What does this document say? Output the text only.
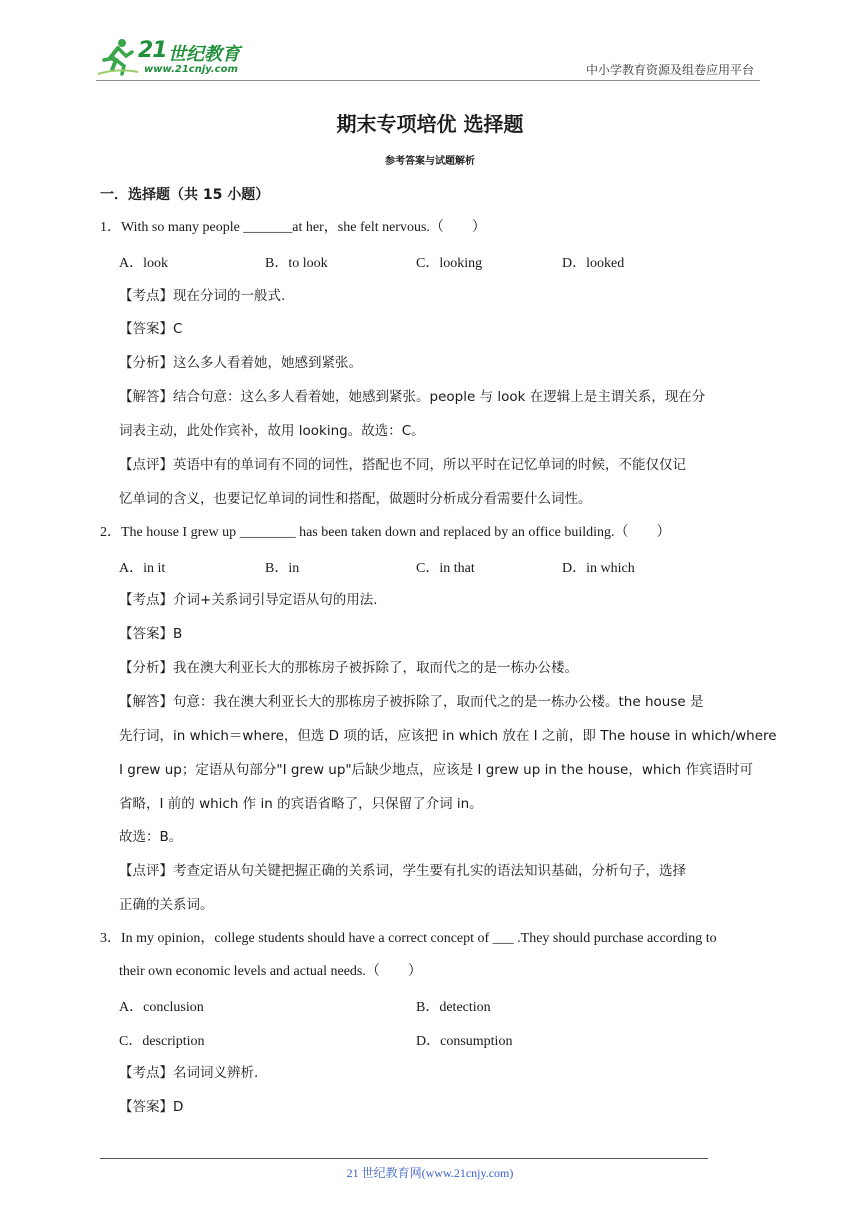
21 世纪教育
www.21cnjy.com	中小学教育资源及组卷应用平台
期末专项培优 选择题
参考答案与试题解析
一．选择题（共 15 小题）
1．With so many people _______at her，she felt nervous.（　　）
A．look	B．to look	C．looking	D．looked
【考点】现在分词的一般式.
【答案】C
【分析】这么多人看着她，她感到紧张。
【解答】结合句意：这么多人看着她，她感到紧张。people 与 look 在逻辑上是主谓关系，现在分
词表主动，此处作宾补，故用 looking。故选：C。
【点评】英语中有的单词有不同的词性，搭配也不同，所以平时在记忆单词的时候，不能仅仅记
忆单词的含义，也要记忆单词的词性和搭配，做题时分析成分看需要什么词性。
2．The house I grew up ________ has been taken down and replaced by an office building.（　　）
A．in it	B．in	C．in that	D．in which
【考点】介词+关系词引导定语从句的用法.
【答案】B
【分析】我在澳大利亚长大的那栋房子被拆除了，取而代之的是一栋办公楼。
【解答】句意：我在澳大利亚长大的那栋房子被拆除了，取而代之的是一栋办公楼。the house 是
先行词，in which＝where，但选 D 项的话，应该把 in which 放在 I 之前，即 The house in which/where
I grew up；定语从句部分"I grew up"后缺少地点，应该是 I grew up in the house，which 作宾语时可
省略，I 前的 which 作 in 的宾语省略了，只保留了介词 in。
故选：B。
【点评】考查定语从句关键把握正确的关系词，学生要有扎实的语法知识基础，分析句子，选择
正确的关系词。
3．In my opinion，college students should have a correct concept of ___ .They should purchase according to
their own economic levels and actual needs.（　　）
A．conclusion	B．detection
C．description	D．consumption
【考点】名词词义辨析.
【答案】D
21 世纪教育网(www.21cnjy.com)
